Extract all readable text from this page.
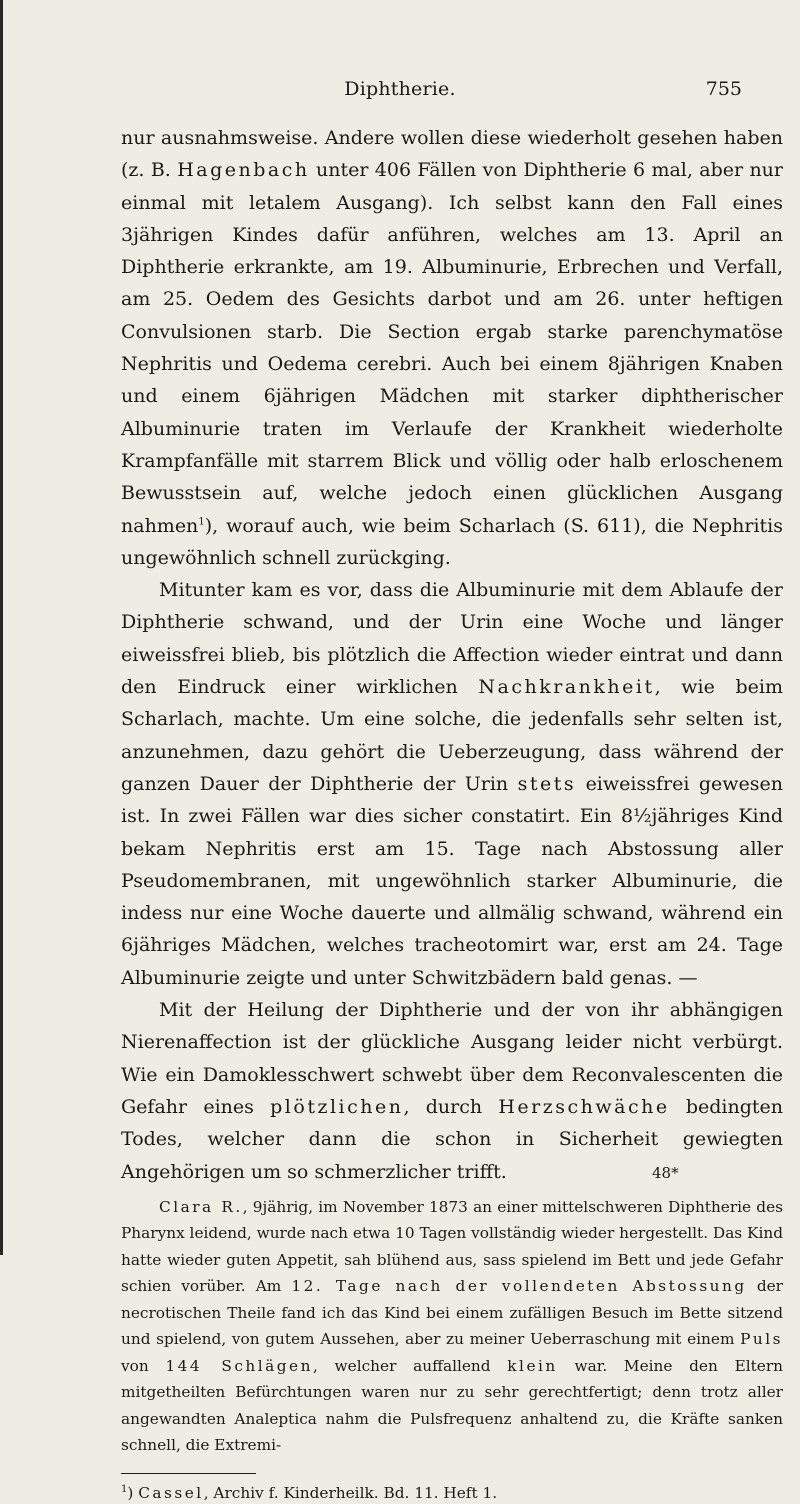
Diphtherie.	755

nur ausnahmsweise. Andere wollen diese wiederholt gesehen haben (z. B. Hagenbach unter 406 Fällen von Diphtherie 6 mal, aber nur einmal mit letalem Ausgang). Ich selbst kann den Fall eines 3jährigen Kindes dafür anführen, welches am 13. April an Diphtherie erkrankte, am 19. Albuminurie, Erbrechen und Verfall, am 25. Oedem des Gesichts darbot und am 26. unter heftigen Convulsionen starb. Die Section ergab starke parenchymatöse Nephritis und Oedema cerebri. Auch bei einem 8jährigen Knaben und einem 6jährigen Mädchen mit starker diphtherischer Albuminurie traten im Verlaufe der Krankheit wiederholte Krampfanfälle mit starrem Blick und völlig oder halb erloschenem Bewusstsein auf, welche jedoch einen glücklichen Ausgang nahmen$^1$), worauf auch, wie beim Scharlach (S. 611), die Nephritis ungewöhnlich schnell zurückging.

Mitunter kam es vor, dass die Albuminurie mit dem Ablaufe der Diphtherie schwand, und der Urin eine Woche und länger eiweissfrei blieb, bis plötzlich die Affection wieder eintrat und dann den Eindruck einer wirklichen Nachkrankheit, wie beim Scharlach, machte. Um eine solche, die jedenfalls sehr selten ist, anzunehmen, dazu gehört die Ueberzeugung, dass während der ganzen Dauer der Diphtherie der Urin stets eiweissfrei gewesen ist. In zwei Fällen war dies sicher constatirt. Ein 8½jähriges Kind bekam Nephritis erst am 15. Tage nach Abstossung aller Pseudomembranen, mit ungewöhnlich starker Albuminurie, die indess nur eine Woche dauerte und allmälig schwand, während ein 6jähriges Mädchen, welches tracheotomirt war, erst am 24. Tage Albuminurie zeigte und unter Schwitzbädern bald genas. —

Mit der Heilung der Diphtherie und der von ihr abhängigen Nierenaffection ist der glückliche Ausgang leider nicht verbürgt. Wie ein Damoklesschwert schwebt über dem Reconvalescenten die Gefahr eines plötzlichen, durch Herzschwäche bedingten Todes, welcher dann die schon in Sicherheit gewiegten Angehörigen um so schmerzlicher trifft.

Clara R., 9jährig, im November 1873 an einer mittelschweren Diphtherie des Pharynx leidend, wurde nach etwa 10 Tagen vollständig wieder hergestellt. Das Kind hatte wieder guten Appetit, sah blühend aus, sass spielend im Bett und jede Gefahr schien vorüber. Am 12. Tage nach der vollendeten Abstossung der necrotischen Theile fand ich das Kind bei einem zufälligen Besuch im Bette sitzend und spielend, von gutem Aussehen, aber zu meiner Ueberraschung mit einem Puls von 144 Schlägen, welcher auffallend klein war. Meine den Eltern mitgetheilten Befürchtungen waren nur zu sehr gerechtfertigt; denn trotz aller angewandten Analeptica nahm die Pulsfrequenz anhaltend zu, die Kräfte sanken schnell, die Extremi-

$^1$) Cassel, Archiv f. Kinderheilk. Bd. 11. Heft 1.

48*
